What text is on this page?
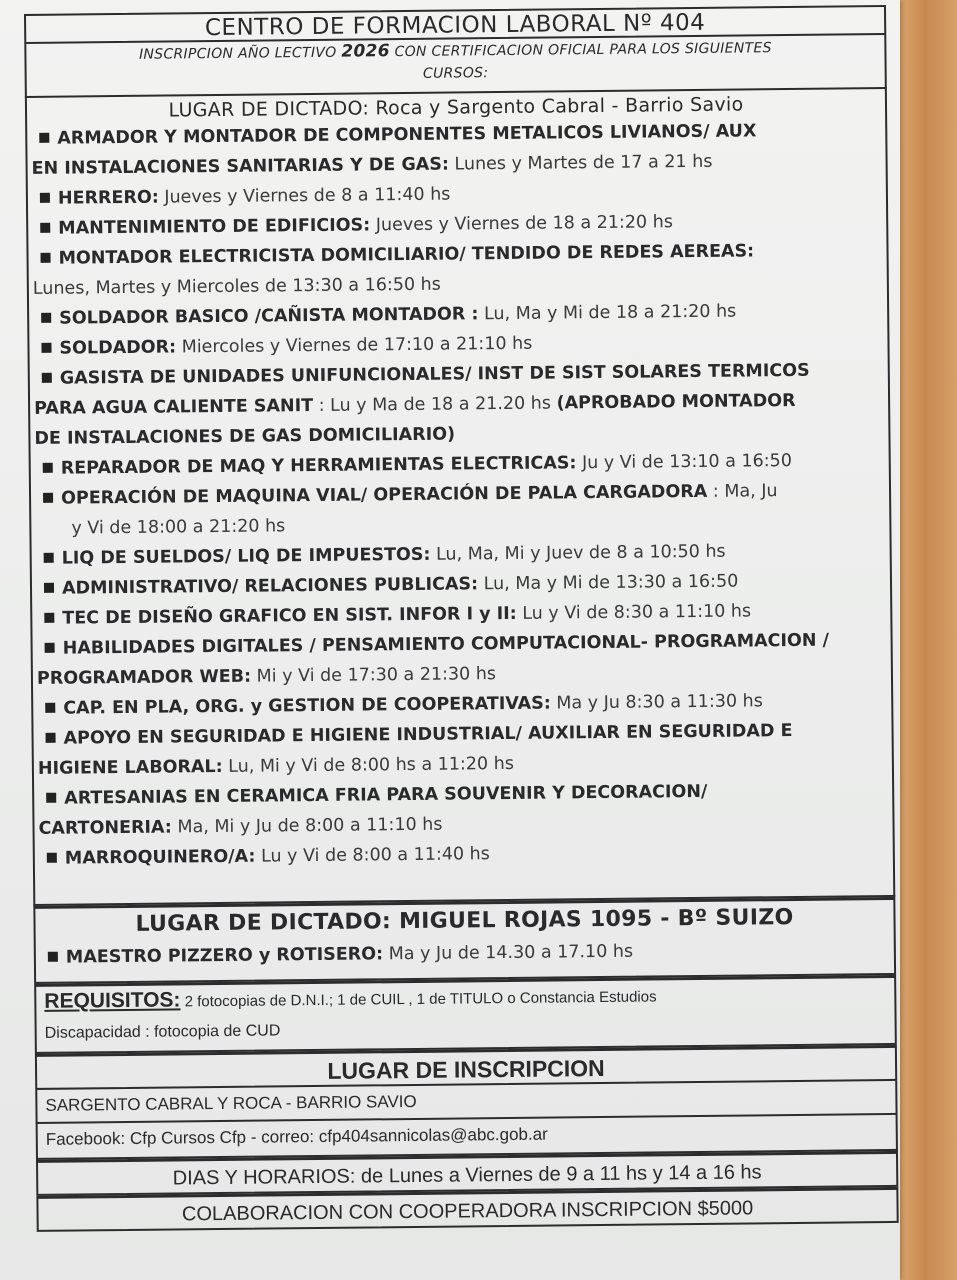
CENTRO DE FORMACION LABORAL Nº 404
INSCRIPCION AÑO LECTIVO 2026 CON CERTIFICACION OFICIAL PARA LOS SIGUIENTES
CURSOS:
LUGAR DE DICTADO: Roca y Sargento Cabral - Barrio Savio
ARMADOR Y MONTADOR DE COMPONENTES METALICOS LIVIANOS/ AUX
EN INSTALACIONES SANITARIAS Y DE GAS: Lunes y Martes de 17 a 21 hs
HERRERO: Jueves y Viernes de 8 a 11:40 hs
MANTENIMIENTO DE EDIFICIOS: Jueves y Viernes de 18 a 21:20 hs
MONTADOR ELECTRICISTA DOMICILIARIO/ TENDIDO DE REDES AEREAS:
Lunes, Martes y Miercoles de 13:30 a 16:50 hs
SOLDADOR BASICO /CAÑISTA MONTADOR : Lu, Ma y Mi de 18 a 21:20 hs
SOLDADOR: Miercoles y Viernes de 17:10 a 21:10 hs
GASISTA DE UNIDADES UNIFUNCIONALES/ INST DE SIST SOLARES TERMICOS
PARA AGUA CALIENTE SANIT : Lu y Ma de 18 a 21.20 hs (APROBADO MONTADOR
DE INSTALACIONES DE GAS DOMICILIARIO)
REPARADOR DE MAQ Y HERRAMIENTAS ELECTRICAS: Ju y Vi de 13:10 a 16:50
OPERACIÓN DE MAQUINA VIAL/ OPERACIÓN DE PALA CARGADORA : Ma, Ju
y Vi de 18:00 a 21:20 hs
LIQ DE SUELDOS/ LIQ DE IMPUESTOS: Lu, Ma, Mi y Juev de 8 a 10:50 hs
ADMINISTRATIVO/ RELACIONES PUBLICAS: Lu, Ma y Mi de 13:30 a 16:50
TEC DE DISEÑO GRAFICO EN SIST. INFOR I y II: Lu y Vi de 8:30 a 11:10 hs
HABILIDADES DIGITALES / PENSAMIENTO COMPUTACIONAL- PROGRAMACION /
PROGRAMADOR WEB: Mi y Vi de 17:30 a 21:30 hs
CAP. EN PLA, ORG. y GESTION DE COOPERATIVAS: Ma y Ju 8:30 a 11:30 hs
APOYO EN SEGURIDAD E HIGIENE INDUSTRIAL/ AUXILIAR EN SEGURIDAD E
HIGIENE LABORAL: Lu, Mi y Vi de 8:00 hs a 11:20 hs
ARTESANIAS EN CERAMICA FRIA PARA SOUVENIR Y DECORACION/
CARTONERIA: Ma, Mi y Ju de 8:00 a 11:10 hs
MARROQUINERO/A: Lu y Vi de 8:00 a 11:40 hs
LUGAR DE DICTADO: MIGUEL ROJAS 1095 - Bº SUIZO
MAESTRO PIZZERO y ROTISERO: Ma y Ju de 14.30 a 17.10 hs
REQUISITOS: 2 fotocopias de D.N.I.; 1 de CUIL , 1 de TITULO o Constancia Estudios
Discapacidad : fotocopia de CUD
LUGAR DE INSCRIPCION
SARGENTO CABRAL Y ROCA - BARRIO SAVIO
Facebook: Cfp Cursos Cfp - correo: cfp404sannicolas@abc.gob.ar
DIAS Y HORARIOS: de Lunes a Viernes de 9 a 11 hs y 14 a 16 hs
COLABORACION CON COOPERADORA INSCRIPCION $5000
